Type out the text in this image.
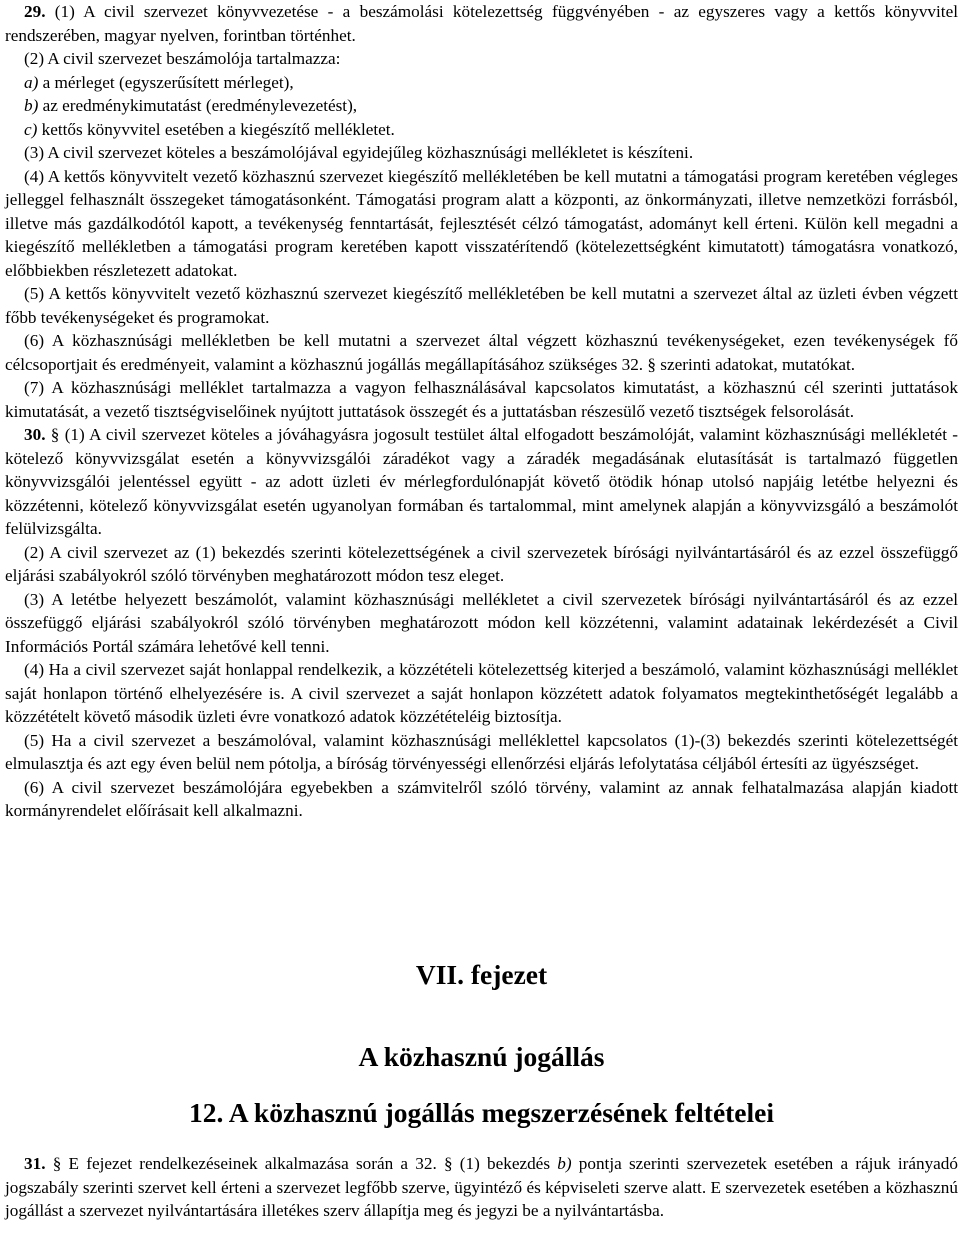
29. (1) A civil szervezet könyvvezetése - a beszámolási kötelezettség függvényében - az egyszeres vagy a kettős könyvvitel rendszerében, magyar nyelven, forintban történhet.

(2) A civil szervezet beszámolója tartalmazza:

a) a mérleget (egyszerűsített mérleget),

b) az eredménykimutatást (eredménylevezetést),

c) kettős könyvvitel esetében a kiegészítő mellékletet.

(3) A civil szervezet köteles a beszámolójával egyidejűleg közhasznúsági mellékletet is készíteni.

(4) A kettős könyvvitelt vezető közhasznú szervezet kiegészítő mellékletében be kell mutatni a támogatási program keretében végleges jelleggel felhasznált összegeket támogatásonként. Támogatási program alatt a központi, az önkormányzati, illetve nemzetközi forrásból, illetve más gazdálkodótól kapott, a tevékenység fenntartását, fejlesztését célzó támogatást, adományt kell érteni. Külön kell megadni a kiegészítő mellékletben a támogatási program keretében kapott visszatérítendő (kötelezettségként kimutatott) támogatásra vonatkozó, előbbiekben részletezett adatokat.

(5) A kettős könyvvitelt vezető közhasznú szervezet kiegészítő mellékletében be kell mutatni a szervezet által az üzleti évben végzett főbb tevékenységeket és programokat.

(6) A közhasznúsági mellékletben be kell mutatni a szervezet által végzett közhasznú tevékenységeket, ezen tevékenységek fő célcsoportjait és eredményeit, valamint a közhasznú jogállás megállapításához szükséges 32. § szerinti adatokat, mutatókat.

(7) A közhasznúsági melléklet tartalmazza a vagyon felhasználásával kapcsolatos kimutatást, a közhasznú cél szerinti juttatások kimutatását, a vezető tisztségviselőinek nyújtott juttatások összegét és a juttatásban részesülő vezető tisztségek felsorolását.

30. § (1) A civil szervezet köteles a jóváhagyásra jogosult testület által elfogadott beszámolóját, valamint közhasznúsági mellékletét - kötelező könyvvizsgálat esetén a könyvvizsgálói záradékot vagy a záradék megadásának elutasítását is tartalmazó független könyvvizsgálói jelentéssel együtt - az adott üzleti év mérlegfordulónapját követő ötödik hónap utolsó napjáig letétbe helyezni és közzétenni, kötelező könyvvizsgálat esetén ugyanolyan formában és tartalommal, mint amelynek alapján a könyvvizsgáló a beszámolót felülvizsgálta.

(2) A civil szervezet az (1) bekezdés szerinti kötelezettségének a civil szervezetek bírósági nyilvántartásáról és az ezzel összefüggő eljárási szabályokról szóló törvényben meghatározott módon tesz eleget.

(3) A letétbe helyezett beszámolót, valamint közhasznúsági mellékletet a civil szervezetek bírósági nyilvántartásáról és az ezzel összefüggő eljárási szabályokról szóló törvényben meghatározott módon kell közzétenni, valamint adatainak lekérdezését a Civil Információs Portál számára lehetővé kell tenni.

(4) Ha a civil szervezet saját honlappal rendelkezik, a közzétételi kötelezettség kiterjed a beszámoló, valamint közhasznúsági melléklet saját honlapon történő elhelyezésére is. A civil szervezet a saját honlapon közzétett adatok folyamatos megtekinthetőségét legalább a közzétételt követő második üzleti évre vonatkozó adatok közzétételéig biztosítja.

(5) Ha a civil szervezet a beszámolóval, valamint közhasznúsági melléklettel kapcsolatos (1)-(3) bekezdés szerinti kötelezettségét elmulasztja és azt egy éven belül nem pótolja, a bíróság törvényességi ellenőrzési eljárás lefolytatása céljából értesíti az ügyészséget.

(6) A civil szervezet beszámolójára egyebekben a számvitelről szóló törvény, valamint az annak felhatalmazása alapján kiadott kormányrendelet előírásait kell alkalmazni.

VII. fejezet
A közhasznú jogállás
12. A közhasznú jogállás megszerzésének feltételei

31. § E fejezet rendelkezéseinek alkalmazása során a 32. § (1) bekezdés b) pontja szerinti szervezetek esetében a rájuk irányadó jogszabály szerinti szervet kell érteni a szervezet legfőbb szerve, ügyintéző és képviseleti szerve alatt. E szervezetek esetében a közhasznú jogállást a szervezet nyilvántartására illetékes szerv állapítja meg és jegyzi be a nyilvántartásba.
